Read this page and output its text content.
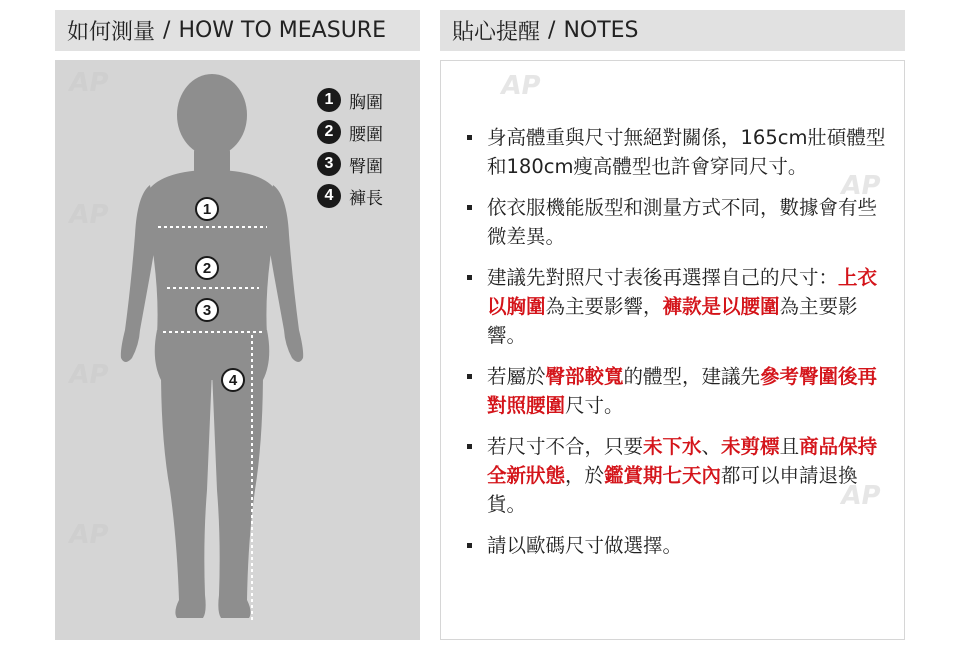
如何測量 / HOW TO MEASURE	貼心提醒 / NOTES
AP
AP
AP
AP
1
2
3
4
1 胸圍
2 腰圍
3 臀圍
4 褲長
AP
AP
AP
身高體重與尺寸無絕對關係，165cm壯碩體型和180cm瘦高體型也許會穿同尺寸。
依衣服機能版型和測量方式不同，數據會有些微差異。
建議先對照尺寸表後再選擇自己的尺寸：上衣以胸圍為主要影響，褲款是以腰圍為主要影響。
若屬於臀部較寬的體型，建議先參考臀圍後再對照腰圍尺寸。
若尺寸不合，只要未下水、未剪標且商品保持全新狀態，於鑑賞期七天內都可以申請退換貨。
請以歐碼尺寸做選擇。
